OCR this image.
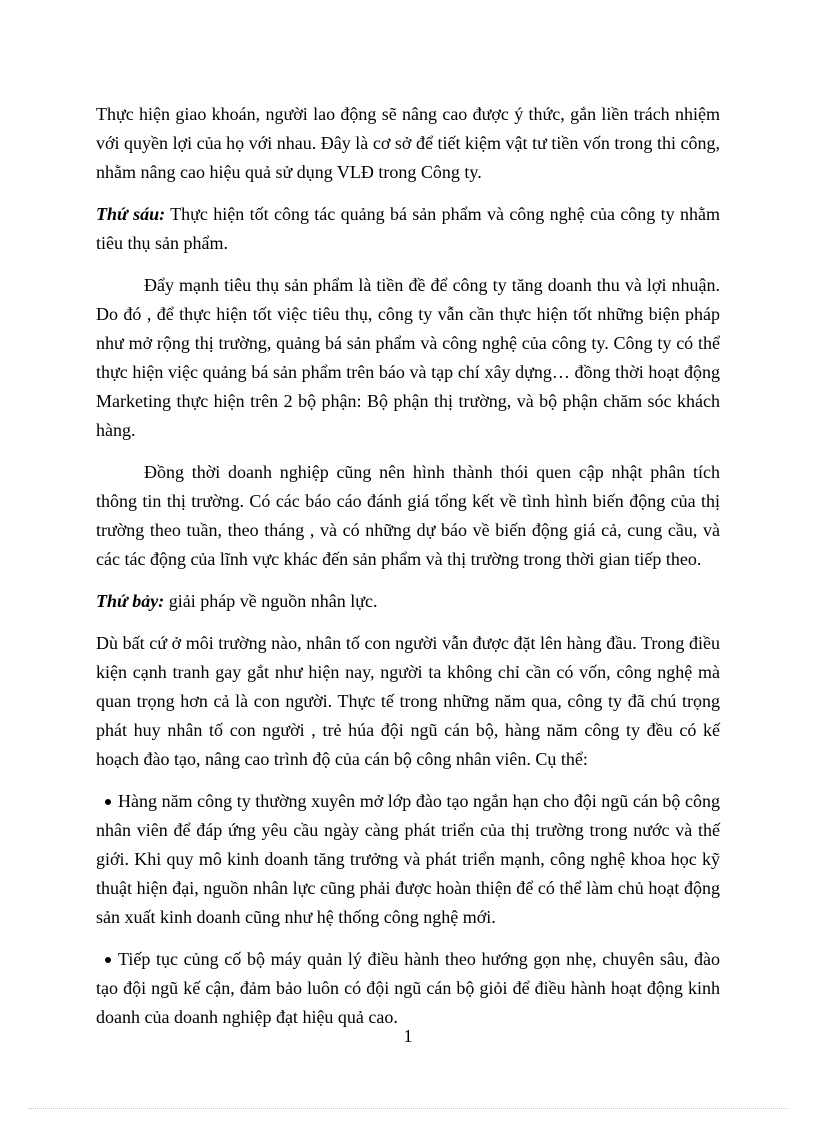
Thực hiện giao khoán, người lao động sẽ nâng cao được ý thức, gắn liền trách nhiệm với quyền lợi của họ với nhau. Đây là cơ sở để tiết kiệm vật tư tiền vốn trong thi công, nhằm nâng cao hiệu quả sử dụng VLĐ trong Công ty.

Thứ sáu: Thực hiện tốt công tác quảng bá sản phẩm và công nghệ của công ty nhằm tiêu thụ sản phẩm.

Đẩy mạnh tiêu thụ sản phẩm là tiền đề để công ty tăng doanh thu và lợi nhuận. Do đó , để thực hiện tốt việc tiêu thụ, công ty vẫn cần thực hiện tốt những biện pháp như mở rộng thị trường, quảng bá sản phẩm và công nghệ của công ty. Công ty có thể thực hiện việc quảng bá sản phẩm trên báo và tạp chí xây dựng… đồng thời hoạt động Marketing thực hiện trên 2 bộ phận: Bộ phận thị trường, và bộ phận chăm sóc khách hàng.

Đồng thời doanh nghiệp cũng nên hình thành thói quen cập nhật phân tích thông tin thị trường. Có các báo cáo đánh giá tổng kết về tình hình biến động của thị trường theo tuần, theo tháng , và có những dự báo về biến động giá cả, cung cầu, và các tác động của lĩnh vực khác đến sản phẩm và thị trường trong thời gian tiếp theo.

Thứ bảy: giải pháp về nguồn nhân lực.

Dù bất cứ ở môi trường nào, nhân tố con người vẫn được đặt lên hàng đầu. Trong điều kiện cạnh tranh gay gắt như hiện nay, người ta không chỉ cần có vốn, công nghệ mà quan trọng hơn cả là con người. Thực tế trong những năm qua, công ty đã chú trọng phát huy nhân tố con người , trẻ húa đội ngũ cán bộ, hàng năm công ty đều có kế hoạch đào tạo, nâng cao trình độ của cán bộ công nhân viên. Cụ thể:

Hàng năm công ty thường xuyên mở lớp đào tạo ngắn hạn cho đội ngũ cán bộ công nhân viên để đáp ứng yêu cầu ngày càng phát triển của thị trường trong nước và thế giới. Khi quy mô kinh doanh tăng trưởng và phát triển mạnh, công nghệ khoa học kỹ thuật hiện đại, nguồn nhân lực cũng phải được hoàn thiện để có thể làm chủ hoạt động sản xuất kinh doanh cũng như hệ thống công nghệ mới.
Tiếp tục củng cố bộ máy quản lý điều hành theo hướng gọn nhẹ, chuyên sâu, đào tạo đội ngũ kế cận, đảm bảo luôn có đội ngũ cán bộ giỏi để điều hành hoạt động kinh doanh của doanh nghiệp đạt hiệu quả cao.
1
